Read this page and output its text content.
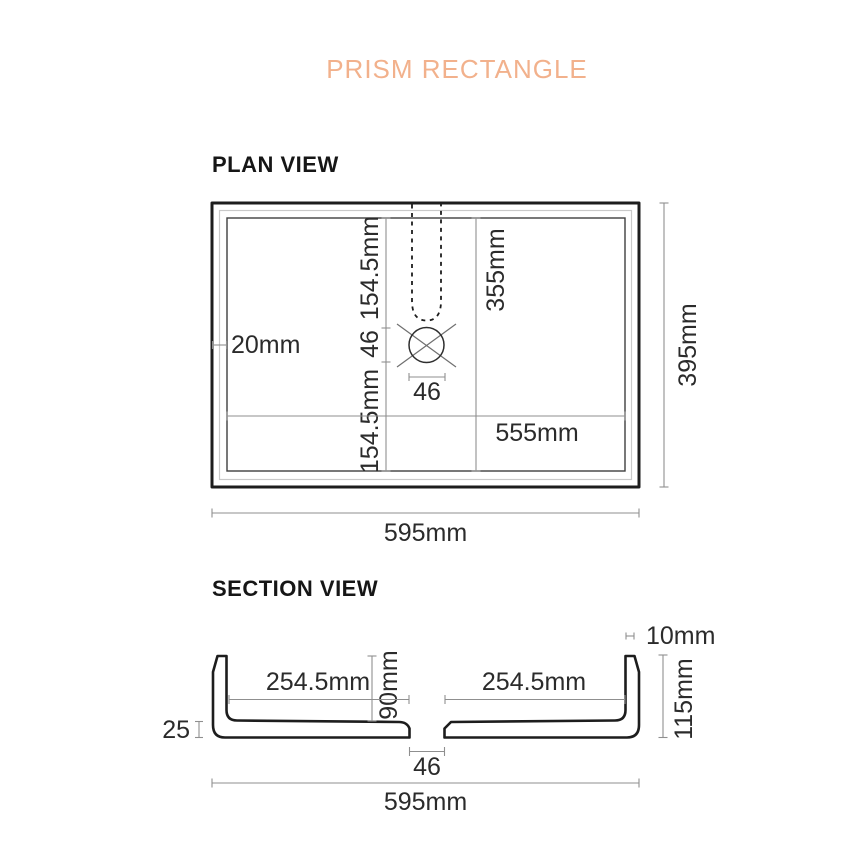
PRISM RECTANGLE
PLAN VIEW
SECTION VIEW
154.5mm
46
154.5mm
355mm
555mm
20mm
46
395mm
595mm
10mm
115mm
90mm
254.5mm	254.5mm
25
46
595mm
